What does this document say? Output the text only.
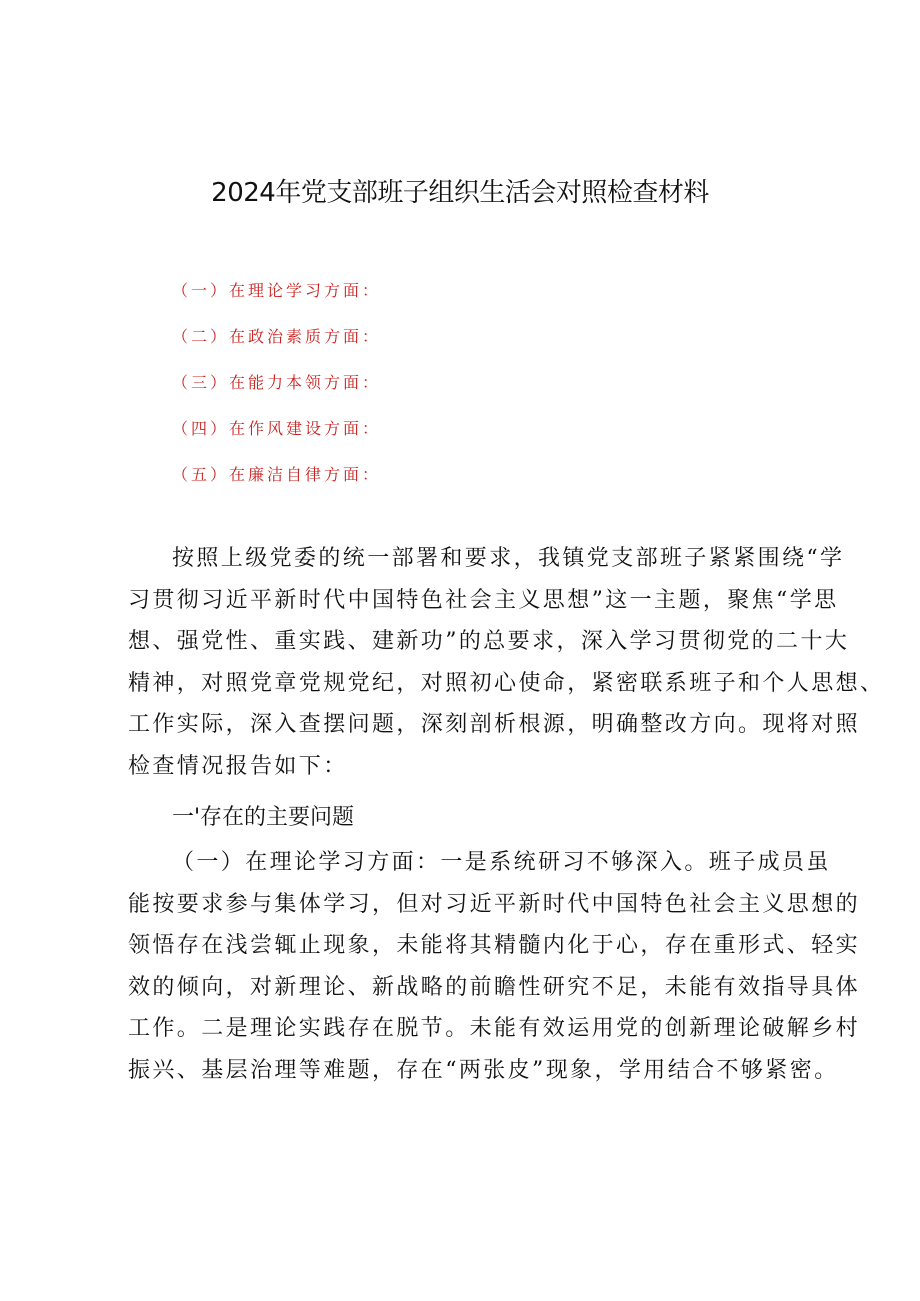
2024年党支部班子组织生活会对照检查材料
（一）在理论学习方面：
（二）在政治素质方面：
（三）在能力本领方面：
（四）在作风建设方面：
（五）在廉洁自律方面：

按照上级党委的统一部署和要求，我镇党支部班子紧紧围绕“学

习贯彻习近平新时代中国特色社会主义思想”这一主题，聚焦“学思
想、强党性、重实践、建新功”的总要求，深入学习贯彻党的二十大
精神，对照党章党规党纪，对照初心使命，紧密联系班子和个人思想、
工作实际，深入查摆问题，深刻剖析根源，明确整改方向。现将对照
检查情况报告如下：

一'存在的主要问题

（一）在理论学习方面：一是系统研习不够深入。班子成员虽

能按要求参与集体学习，但对习近平新时代中国特色社会主义思想的
领悟存在浅尝辄止现象，未能将其精髓内化于心，存在重形式、轻实
效的倾向，对新理论、新战略的前瞻性研究不足，未能有效指导具体
工作。二是理论实践存在脱节。未能有效运用党的创新理论破解乡村
振兴、基层治理等难题，存在“两张皮”现象，学用结合不够紧密。
